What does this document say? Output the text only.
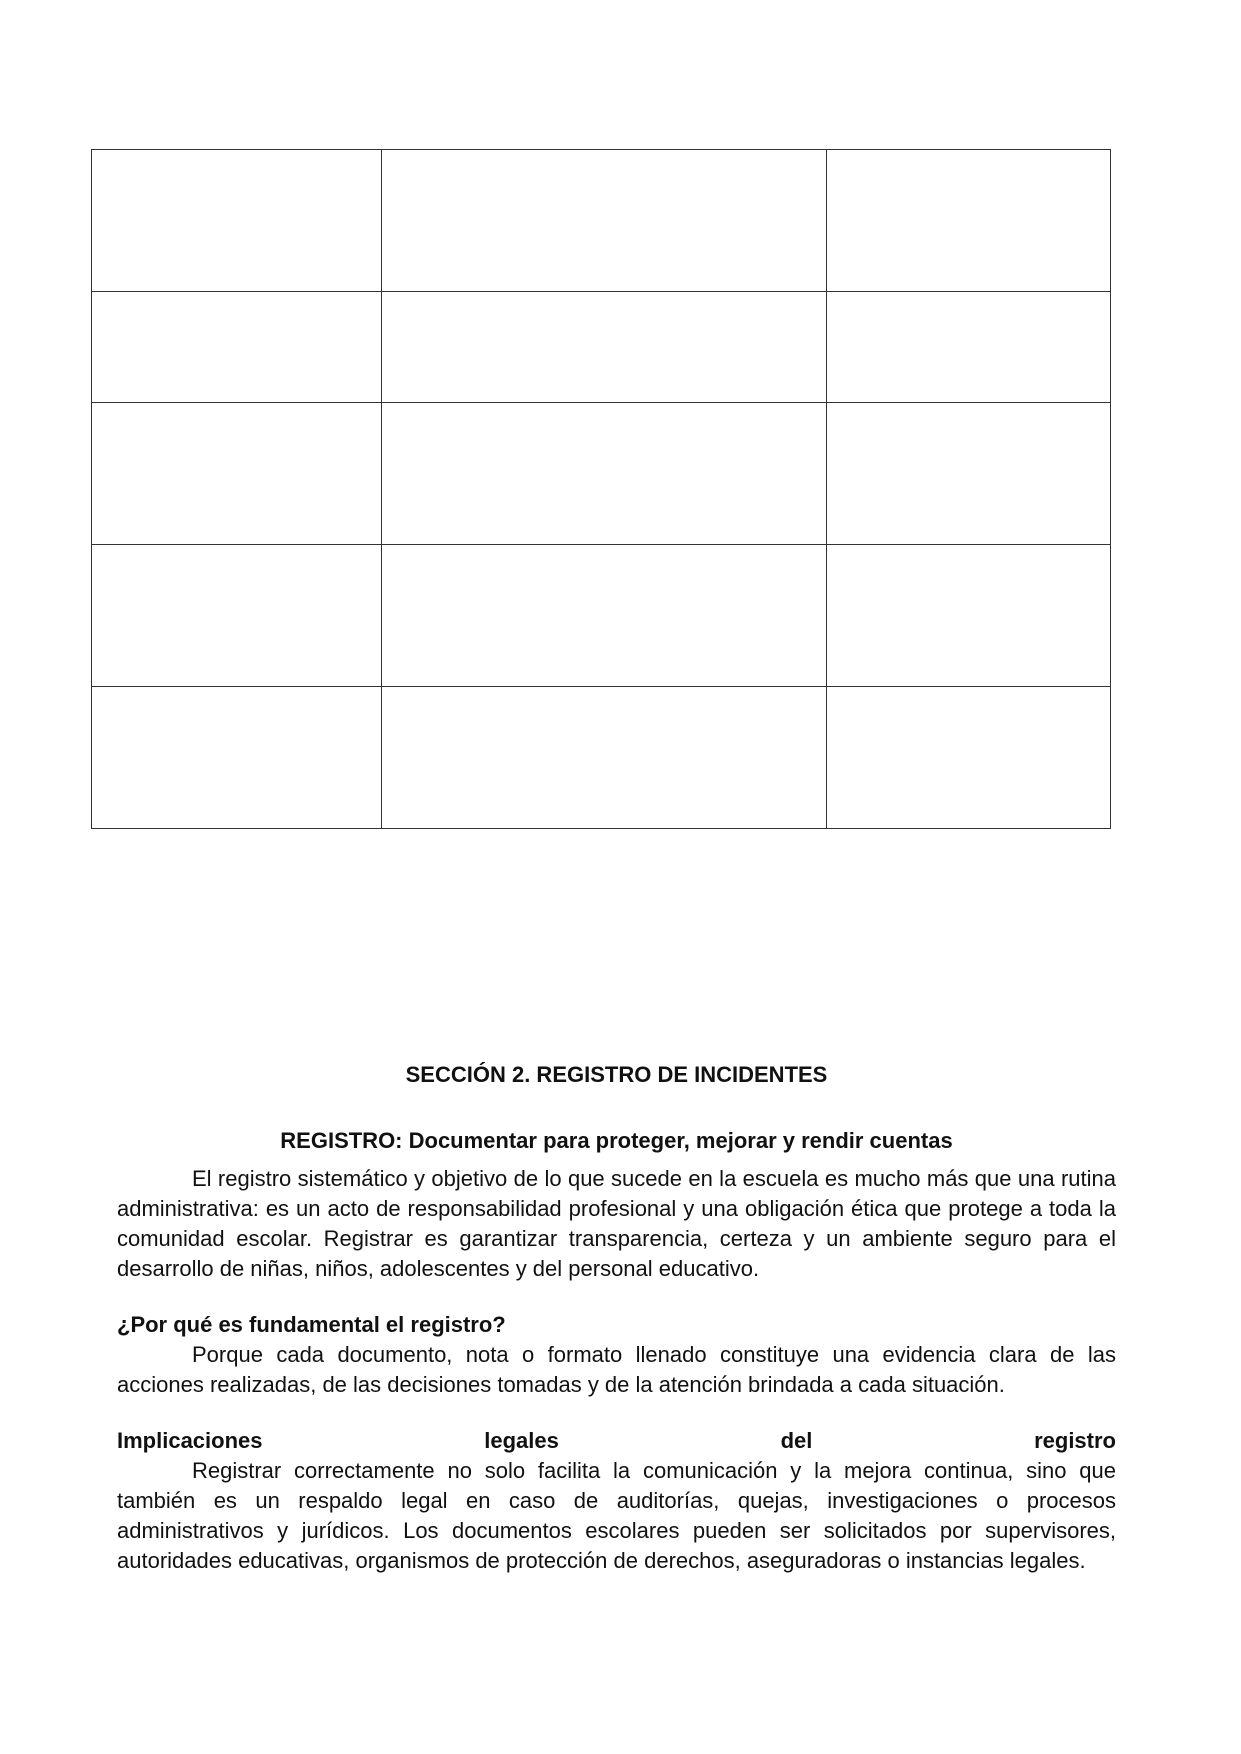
SECCIÓN 2. REGISTRO DE INCIDENTES
REGISTRO: Documentar para proteger, mejorar y rendir cuentas

El registro sistemático y objetivo de lo que sucede en la escuela es mucho más que una rutina administrativa: es un acto de responsabilidad profesional y una obligación ética que protege a toda la comunidad escolar. Registrar es garantizar transparencia, certeza y un ambiente seguro para el desarrollo de niñas, niños, adolescentes y del personal educativo.

¿Por qué es fundamental el registro?

Porque cada documento, nota o formato llenado constituye una evidencia clara de las acciones realizadas, de las decisiones tomadas y de la atención brindada a cada situación.

Implicaciones	legales	del	registro

Registrar correctamente no solo facilita la comunicación y la mejora continua, sino que también es un respaldo legal en caso de auditorías, quejas, investigaciones o procesos administrativos y jurídicos. Los documentos escolares pueden ser solicitados por supervisores, autoridades educativas, organismos de protección de derechos, aseguradoras o instancias legales.
